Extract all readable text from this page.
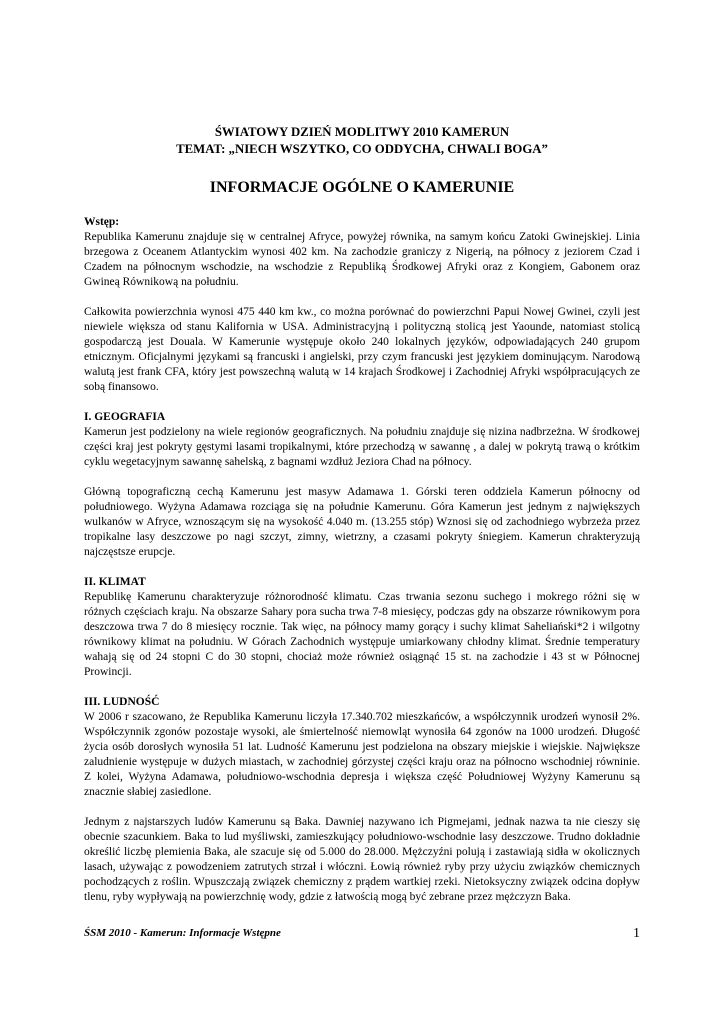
ŚWIATOWY DZIEŃ MODLITWY 2010 KAMERUN

TEMAT: „NIECH WSZYTKO, CO ODDYCHA, CHWALI BOGA”

INFORMACJE OGÓLNE O KAMERUNIE

Wstęp:

Republika Kamerunu znajduje się w centralnej Afryce, powyżej równika, na samym końcu Zatoki Gwinejskiej. Linia brzegowa z Oceanem Atlantyckim wynosi 402 km. Na zachodzie graniczy z Nigerią, na północy z jeziorem Czad i Czadem na północnym wschodzie, na wschodzie z Republiką Środkowej Afryki oraz z Kongiem, Gabonem oraz Gwineą Równikową na południu.

Całkowita powierzchnia wynosi 475 440 km kw., co można porównać do powierzchni Papui Nowej Gwinei, czyli jest niewiele większa od stanu Kalifornia w USA. Administracyjną i polityczną stolicą jest Yaounde, natomiast stolicą gospodarczą jest Douala. W Kamerunie występuje około 240 lokalnych języków, odpowiadających 240 grupom etnicznym. Oficjalnymi językami są francuski i angielski, przy czym francuski jest językiem dominującym. Narodową walutą jest frank CFA, który jest powszechną walutą w 14 krajach Środkowej i Zachodniej Afryki współpracujących ze sobą finansowo.

I. GEOGRAFIA

Kamerun jest podzielony na wiele regionów geograficznych. Na południu znajduje się nizina nadbrzeżna. W środkowej części kraj jest pokryty gęstymi lasami tropikalnymi, które przechodzą w sawannę , a dalej w pokrytą trawą o krótkim cyklu wegetacyjnym sawannę sahelską, z bagnami wzdłuż Jeziora Chad na północy.

Główną topograficzną cechą Kamerunu jest masyw Adamawa 1. Górski teren oddziela Kamerun północny od południowego. Wyżyna Adamawa rozciąga się na południe Kamerunu. Góra Kamerun jest jednym z największych wulkanów w Afryce, wznoszącym się na wysokość 4.040 m. (13.255 stóp) Wznosi się od zachodniego wybrzeża przez tropikalne lasy deszczowe po nagi szczyt, zimny, wietrzny, a czasami pokryty śniegiem. Kamerun chrakteryzują najczęstsze erupcje.

II. KLIMAT

Republikę Kamerunu charakteryzuje różnorodność klimatu. Czas trwania sezonu suchego i mokrego różni się w różnych częściach kraju. Na obszarze Sahary pora sucha trwa 7-8 miesięcy, podczas gdy na obszarze równikowym pora deszczowa trwa 7 do 8 miesięcy rocznie. Tak więc, na północy mamy gorący i suchy klimat Saheliański*2 i wilgotny równikowy klimat na południu. W Górach Zachodnich występuje umiarkowany chłodny klimat. Średnie temperatury wahają się od 24 stopni C do 30 stopni, chociaż może również osiągnąć 15 st. na zachodzie i 43 st w Północnej Prowincji.

III. LUDNOŚĆ

W 2006 r szacowano, że Republika Kamerunu liczyła 17.340.702 mieszkańców, a współczynnik urodzeń wynosił 2%. Współczynnik zgonów pozostaje wysoki, ale śmiertelność niemowląt wynosiła 64 zgonów na 1000 urodzeń. Długość życia osób dorosłych wynosiła 51 lat. Ludność Kamerunu jest podzielona na obszary miejskie i wiejskie. Największe zaludnienie występuje w dużych miastach, w zachodniej górzystej części kraju oraz na północno wschodniej równinie. Z kolei, Wyżyna Adamawa, południowo-wschodnia depresja i większa część Południowej Wyżyny Kamerunu są znacznie słabiej zasiedlone.

Jednym z najstarszych ludów Kamerunu są Baka. Dawniej nazywano ich Pigmejami, jednak nazwa ta nie cieszy się obecnie szacunkiem. Baka to lud myśliwski, zamieszkujący południowo-wschodnie lasy deszczowe. Trudno dokładnie określić liczbę plemienia Baka, ale szacuje się od 5.000 do 28.000. Mężczyźni polują i zastawiają sidła w okolicznych lasach, używając z powodzeniem zatrutych strzał i włóczni. Łowią również ryby przy użyciu związków chemicznych pochodzących z roślin. Wpuszczają związek chemiczny z prądem wartkiej rzeki. Nietoksyczny związek odcina dopływ tlenu, ryby wypływają na powierzchnię wody, gdzie z łatwością mogą być zebrane przez mężczyzn Baka.

ŚSM 2010 - Kamerun: Informacje Wstępne	1
